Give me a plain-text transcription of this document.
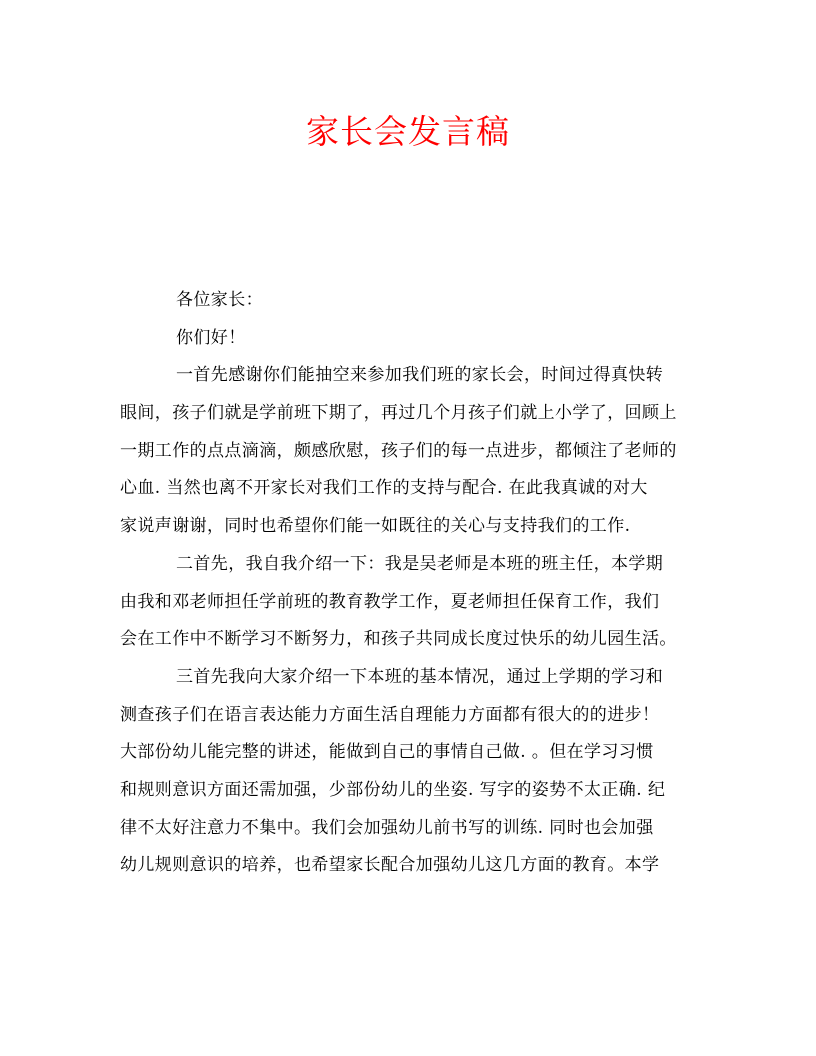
家长会发言稿
各位家长：
你们好！
一首先感谢你们能抽空来参加我们班的家长会，时间过得真快转
眼间，孩子们就是学前班下期了，再过几个月孩子们就上小学了，回顾上
一期工作的点点滴滴，颇感欣慰，孩子们的每一点进步，都倾注了老师的
心血. 当然也离不开家长对我们工作的支持与配合. 在此我真诚的对大
家说声谢谢，同时也希望你们能一如既往的关心与支持我们的工作.
二首先，我自我介绍一下：我是吴老师是本班的班主任，本学期
由我和邓老师担任学前班的教育教学工作，夏老师担任保育工作，我们
会在工作中不断学习不断努力，和孩子共同成长度过快乐的幼儿园生活。
三首先我向大家介绍一下本班的基本情况，通过上学期的学习和
测查孩子们在语言表达能力方面生活自理能力方面都有很大的的进步！
大部份幼儿能完整的讲述，能做到自己的事情自己做. 。但在学习习惯
和规则意识方面还需加强，少部份幼儿的坐姿. 写字的姿势不太正确. 纪
律不太好注意力不集中。我们会加强幼儿前书写的训练. 同时也会加强
幼儿规则意识的培养，也希望家长配合加强幼儿这几方面的教育。本学
